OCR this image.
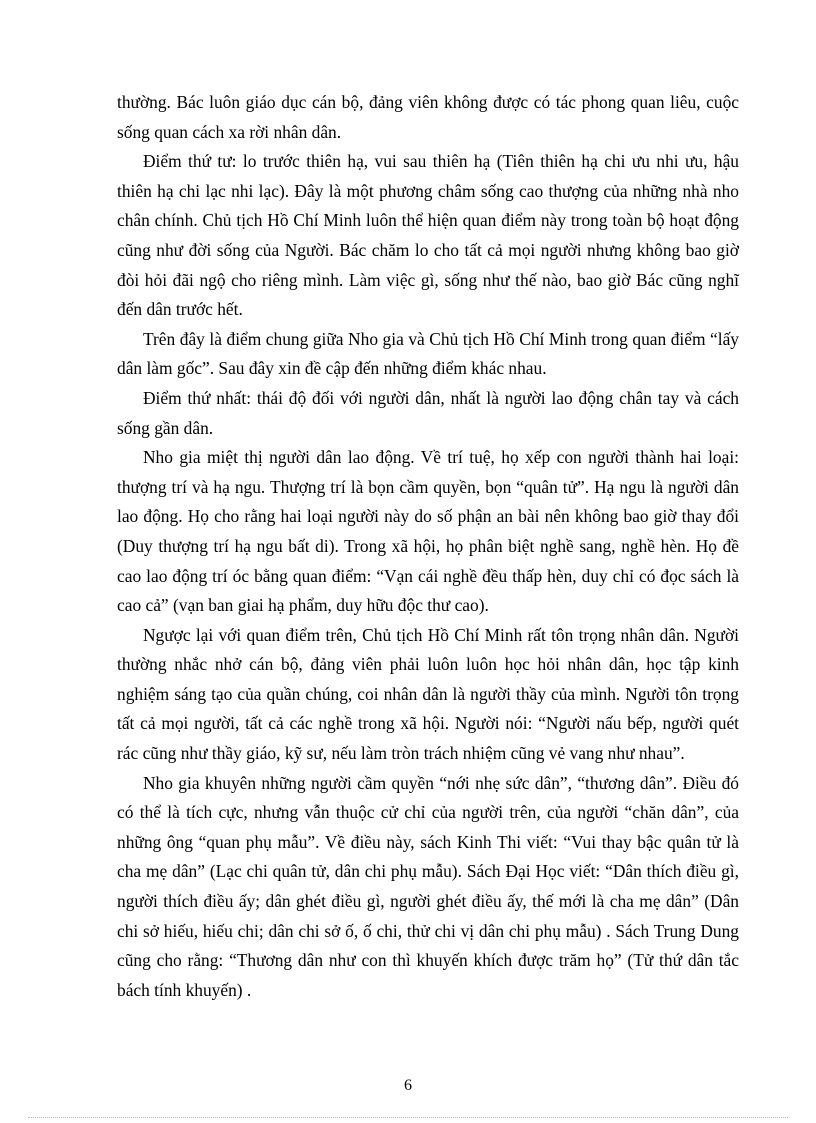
thường. Bác luôn giáo dục cán bộ, đảng viên không được có tác phong quan liêu, cuộc sống quan cách xa rời nhân dân.

Điểm thứ tư: lo trước thiên hạ, vui sau thiên hạ (Tiên thiên hạ chi ưu nhi ưu, hậu thiên hạ chi lạc nhi lạc). Đây là một phương châm sống cao thượng của những nhà nho chân chính. Chủ tịch Hồ Chí Minh luôn thể hiện quan điểm này trong toàn bộ hoạt động cũng như đời sống của Người. Bác chăm lo cho tất cả mọi người nhưng không bao giờ đòi hỏi đãi ngộ cho riêng mình. Làm việc gì, sống như thế nào, bao giờ Bác cũng nghĩ đến dân trước hết.

Trên đây là điểm chung giữa Nho gia và Chủ tịch Hồ Chí Minh trong quan điểm “lấy dân làm gốc”. Sau đây xin đề cập đến những điểm khác nhau.

Điểm thứ nhất: thái độ đối với người dân, nhất là người lao động chân tay và cách sống gần dân.

Nho gia miệt thị người dân lao động. Về trí tuệ, họ xếp con người thành hai loại: thượng trí và hạ ngu. Thượng trí là bọn cầm quyền, bọn “quân tử”. Hạ ngu là người dân lao động. Họ cho rằng hai loại người này do số phận an bài nên không bao giờ thay đổi (Duy thượng trí hạ ngu bất di). Trong xã hội, họ phân biệt nghề sang, nghề hèn. Họ đề cao lao động trí óc bằng quan điểm: “Vạn cái nghề đều thấp hèn, duy chỉ có đọc sách là cao cả” (vạn ban giai hạ phẩm, duy hữu độc thư cao).

Ngược lại với quan điểm trên, Chủ tịch Hồ Chí Minh rất tôn trọng nhân dân. Người thường nhắc nhở cán bộ, đảng viên phải luôn luôn học hỏi nhân dân, học tập kinh nghiệm sáng tạo của quần chúng, coi nhân dân là người thầy của mình. Người tôn trọng tất cả mọi người, tất cả các nghề trong xã hội. Người nói: “Người nấu bếp, người quét rác cũng như thầy giáo, kỹ sư, nếu làm tròn trách nhiệm cũng vẻ vang như nhau”.

Nho gia khuyên những người cầm quyền “nới nhẹ sức dân”, “thương dân”. Điều đó có thể là tích cực, nhưng vẫn thuộc cử chỉ của người trên, của người “chăn dân”, của những ông “quan phụ mẫu”. Về điều này, sách Kinh Thi viết: “Vui thay bậc quân tử là cha mẹ dân” (Lạc chi quân tử, dân chi phụ mẫu). Sách Đại Học viết: “Dân thích điều gì, người thích điều ấy; dân ghét điều gì, người ghét điều ấy, thế mới là cha mẹ dân” (Dân chi sở hiếu, hiếu chi; dân chi sở ố, ố chi, thử chi vị dân chi phụ mẫu) . Sách Trung Dung cũng cho rằng: “Thương dân như con thì khuyến khích được trăm họ” (Tử thứ dân tắc bách tính khuyến) .

6
